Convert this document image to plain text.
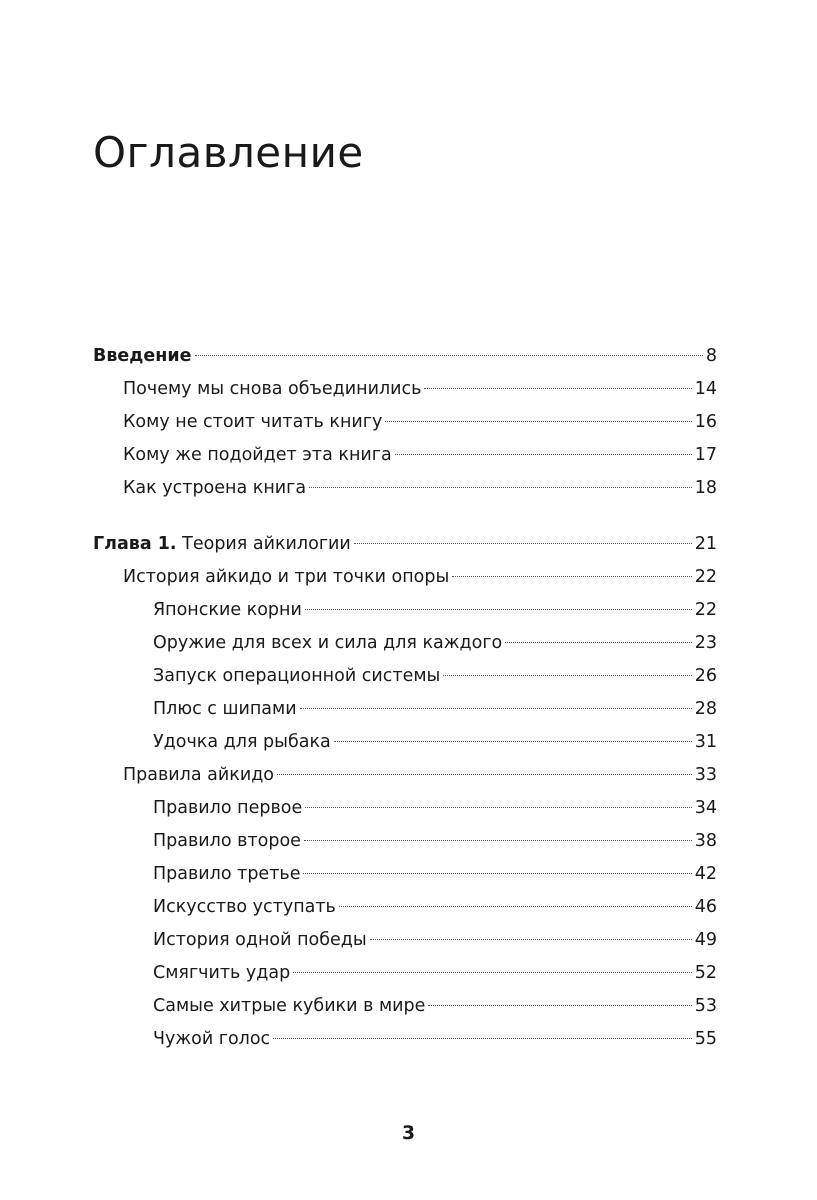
Оглавление
Введение	8
Почему мы снова объединились	14
Кому не стоит читать книгу	16
Кому же подойдет эта книга	17
Как устроена книга	18
Глава 1. Теория айкилогии	21
История айкидо и три точки опоры	22
Японские корни	22
Оружие для всех и сила для каждого	23
Запуск операционной системы	26
Плюс с шипами	28
Удочка для рыбака	31
Правила айкидо	33
Правило первое	34
Правило второе	38
Правило третье	42
Искусство уступать	46
История одной победы	49
Смягчить удар	52
Самые хитрые кубики в мире	53
Чужой голос	55
3
